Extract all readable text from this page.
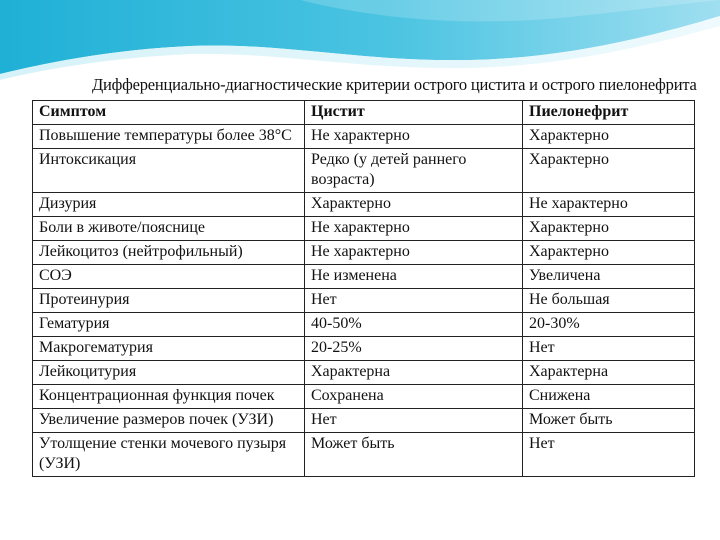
Дифференциально-диагностические критерии острого цистита и острого пиелонефрита
Симптом	Цистит	Пиелонефрит
Повышение температуры более 38°С	Не характерно	Характерно
Интоксикация	Редко (у детей раннего возраста)	Характерно
Дизурия	Характерно	Не характерно
Боли в животе/пояснице	Не характерно	Характерно
Лейкоцитоз (нейтрофильный)	Не характерно	Характерно
СОЭ	Не изменена	Увеличена
Протеинурия	Нет	Не большая
Гематурия	40-50%	20-30%
Макрогематурия	20-25%	Нет
Лейкоцитурия	Характерна	Характерна
Концентрационная функция почек	Сохранена	Снижена
Увеличение размеров почек (УЗИ)	Нет	Может быть
Утолщение стенки мочевого пузыря (УЗИ)	Может быть	Нет
